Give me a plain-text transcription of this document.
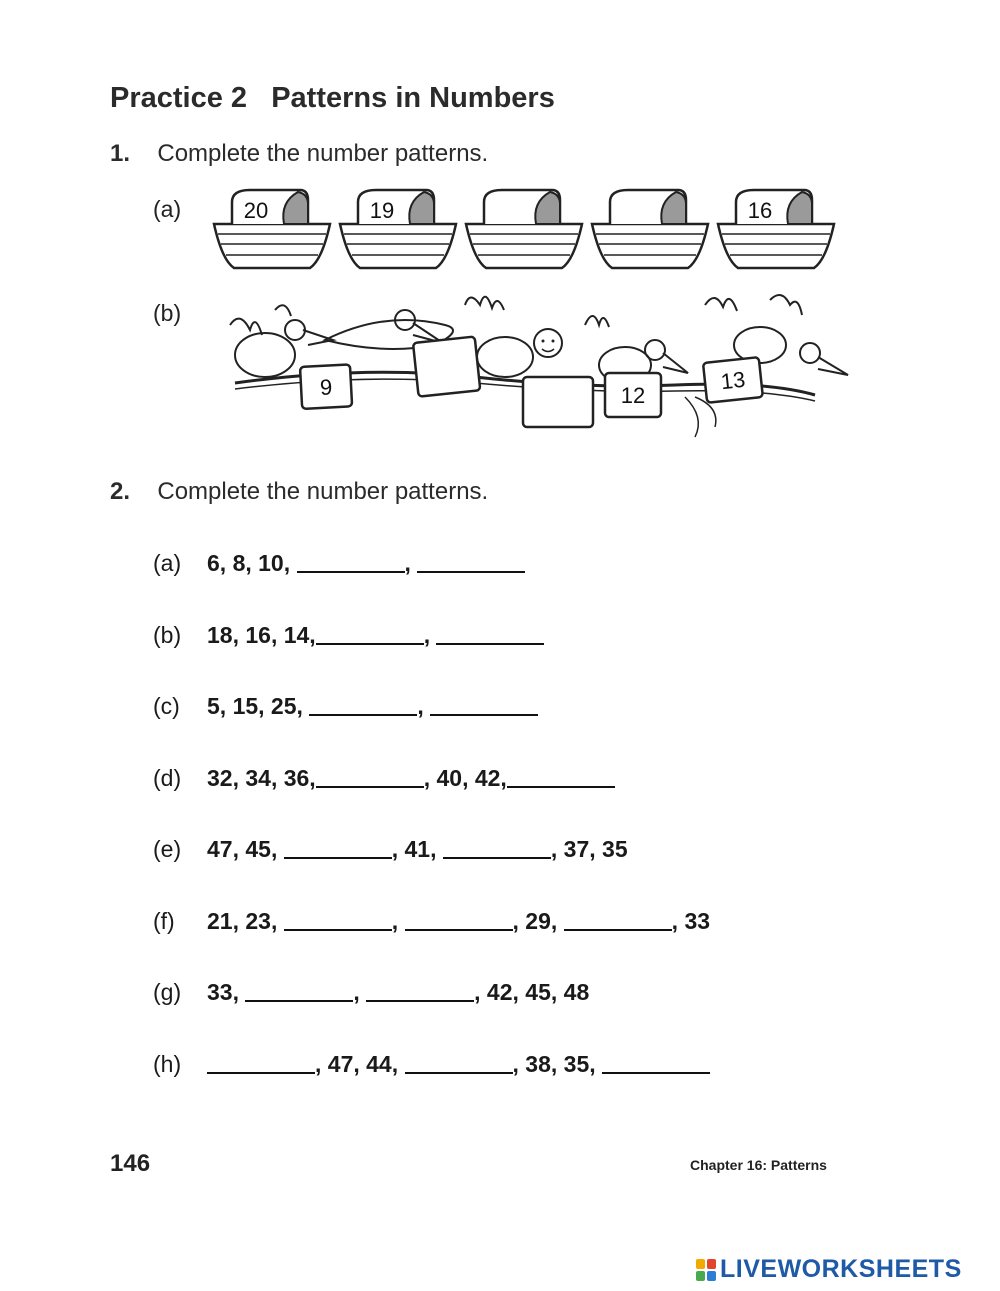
Practice 2   Patterns in Numbers
1. Complete the number patterns.
(a)	20	19	16
(b)
9	12
13
2. Complete the number patterns.
(a)	6, 8, 10,	,
(b)	18, 16, 14,	,
(c)	5, 15, 25,	,
(d)	32, 34, 36,	, 40, 42,
(e)	47, 45,	, 41,	, 37, 35
(f)	21, 23,	,	, 29,	, 33
(g)	33,	,	, 42, 45, 48
(h)	, 47, 44,	, 38, 35,
146	Chapter 16: Patterns
LIVEWORKSHEETS
